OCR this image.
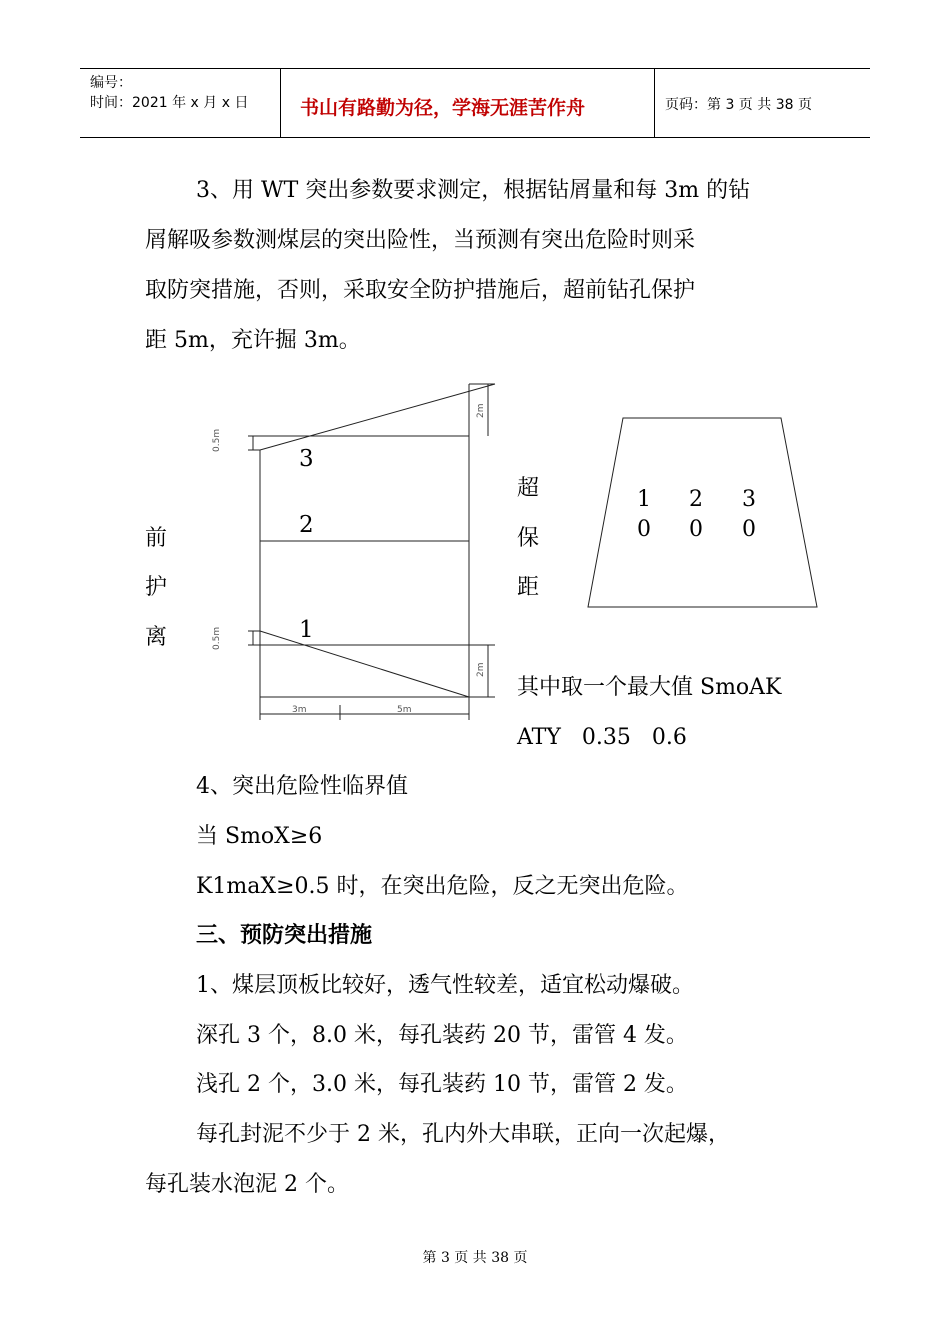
编号：
时间：2021 年 x 月 x 日	书山有路勤为径，学海无涯苦作舟	页码：第 3 页 共 38 页
3、用 WT 突出参数要求测定，根据钻屑量和每 3m 的钻
屑解吸参数测煤层的突出险性，当预测有突出危险时则采
取防突措施，否则，采取安全防护措施后，超前钻孔保护
距 5m，充许掘 3m。
0.5m
0.5m
2m
2m
3m	5m
3
2
1
前
护
离
超
保
距
1 2 3
0 0 0
其中取一个最大值 SmoAK
ATY   0.35   0.6
4、突出危险性临界值
当 SmoX≥6
K1maX≥0.5 时，在突出危险，反之无突出危险。
三、预防突出措施
1、煤层顶板比较好，透气性较差，适宜松动爆破。
深孔 3 个，8.0 米，每孔装药 20 节，雷管 4 发。
浅孔 2 个，3.0 米，每孔装药 10 节，雷管 2 发。
每孔封泥不少于 2 米，孔内外大串联，正向一次起爆，
每孔装水泡泥 2 个。
第 3 页 共 38 页
